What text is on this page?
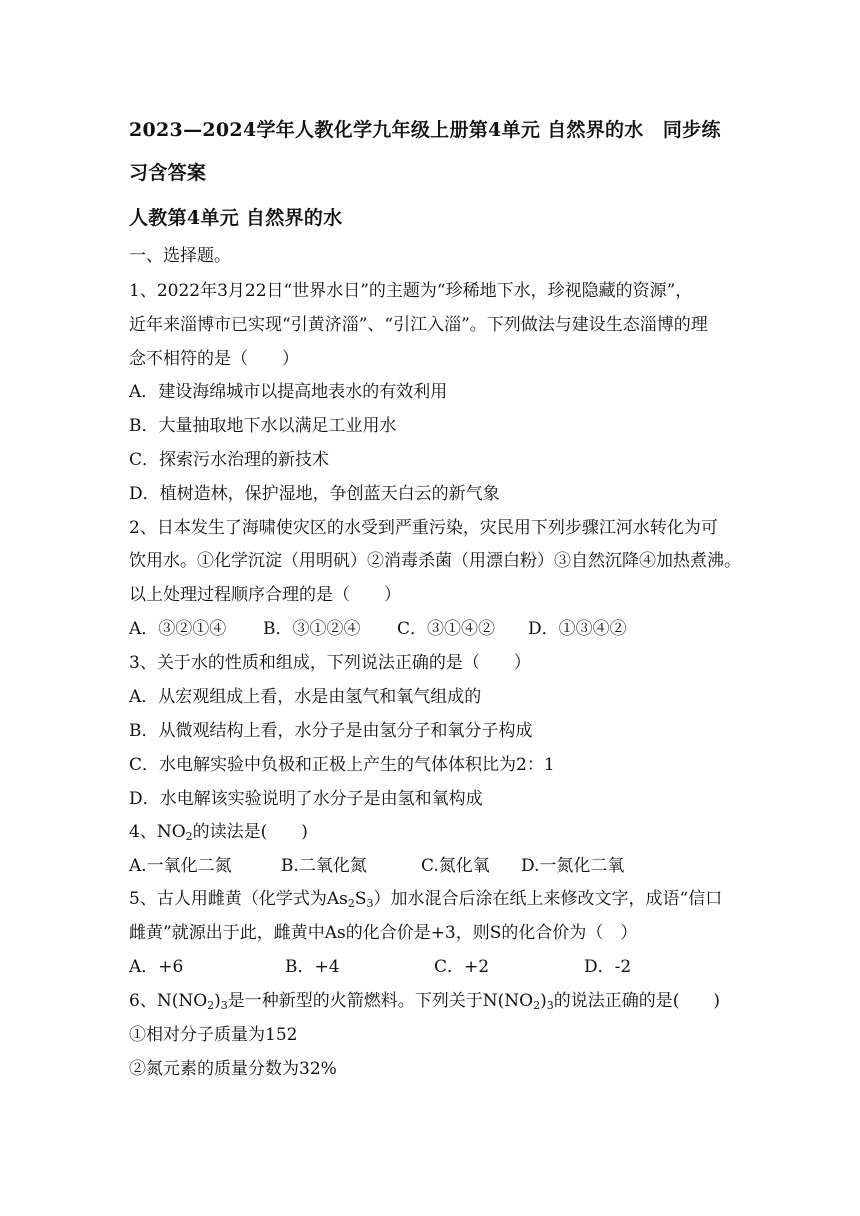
2023—2024学年人教化学九年级上册第4单元 自然界的水　同步练
习含答案
人教第4单元 自然界的水
一、选择题。
1、2022年3月22日“世界水日”的主题为“珍稀地下水，珍视隐藏的资源”，
近年来淄博市已实现“引黄济淄”、“引江入淄”。下列做法与建设生态淄博的理
念不相符的是（　　）
A．建设海绵城市以提高地表水的有效利用
B．大量抽取地下水以满足工业用水
C．探索污水治理的新技术
D．植树造林，保护湿地，争创蓝天白云的新气象
2、日本发生了海啸使灾区的水受到严重污染，灾民用下列步骤江河水转化为可
饮用水。①化学沉淀（用明矾）②消毒杀菌（用漂白粉）③自然沉降④加热煮沸。
以上处理过程顺序合理的是（　　）
A．③②①④ B．③①②④ C．③①④② D．①③④②
3、关于水的性质和组成，下列说法正确的是（　　）
A．从宏观组成上看，水是由氢气和氧气组成的
B．从微观结构上看，水分子是由氢分子和氧分子构成
C．水电解实验中负极和正极上产生的气体体积比为2：1
D．水电解该实验说明了水分子是由氢和氧构成
4、$NO_2$的读法是(　　)
A.一氧化二氮	B.二氧化氮	C.氮化氧 D.一氮化二氧
5、古人用雌黄（化学式为$As_2S_3$）加水混合后涂在纸上来修改文字，成语“信口
雌黄”就源出于此，雌黄中As的化合价是+3，则S的化合价为（　）
A．+6	B．+4	C．+2	D．-2
6、$N(NO_2)_3$是一种新型的火箭燃料。下列关于$N(NO_2)_3$的说法正确的是(　　)
①相对分子质量为152
②氮元素的质量分数为32%
